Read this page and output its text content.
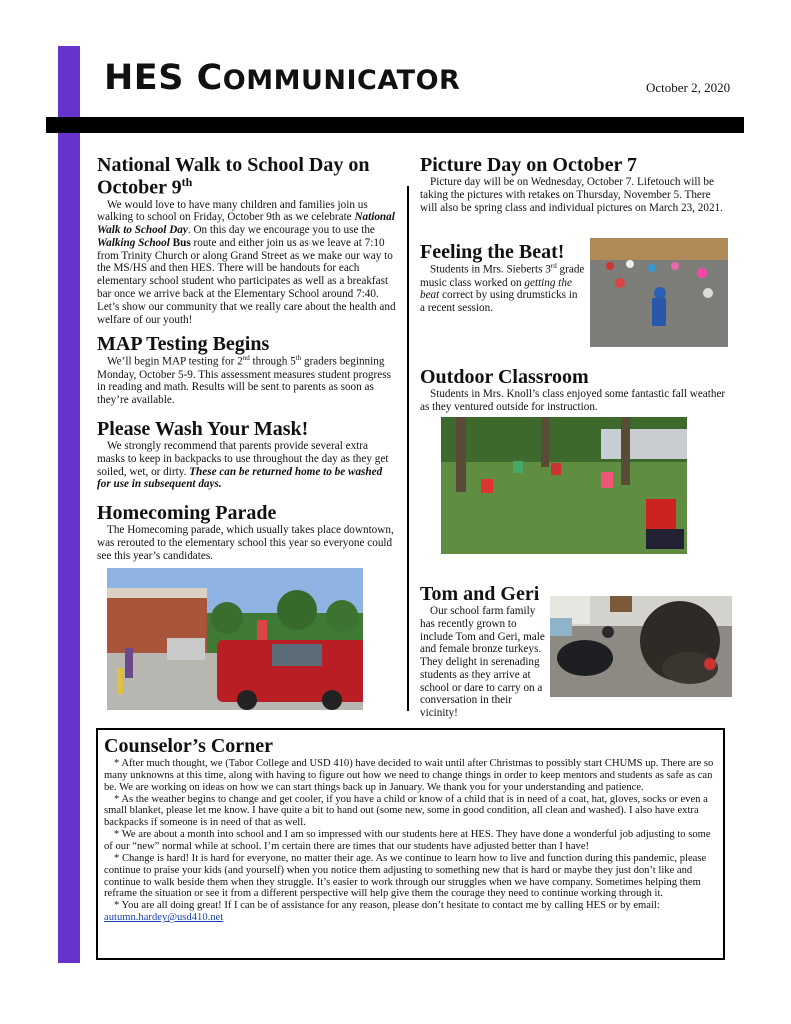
HES COMMUNICATOR	October 2, 2020
National Walk to School Day on October 9th
We would love to have many children and families join us walking to school on Friday, October 9th as we celebrate National Walk to School Day. On this day we encourage you to use the Walking School Bus route and either join us as we leave at 7:10 from Trinity Church or along Grand Street as we make our way to the MS/HS and then HES. There will be handouts for each elementary school student who participates as well as a breakfast bar once we arrive back at the Elementary School around 7:40. Let’s show our community that we really care about the health and welfare of our youth!
MAP Testing Begins
We’ll begin MAP testing for 2nd through 5th graders beginning Monday, October 5-9. This assessment measures student progress in reading and math. Results will be sent to parents as soon as they’re available.
Please Wash Your Mask!
We strongly recommend that parents provide several extra masks to keep in backpacks to use throughout the day as they get soiled, wet, or dirty. These can be returned home to be washed for use in subsequent days.
Homecoming Parade
The Homecoming parade, which usually takes place downtown, was rerouted to the elementary school this year so everyone could see this year’s candidates.
Picture Day on October 7
Picture day will be on Wednesday, October 7. Lifetouch will be taking the pictures with retakes on Thursday, November 5. There will also be spring class and individual pictures on March 23, 2021.
Feeling the Beat!
Students in Mrs. Sieberts 3rd grade music class worked on getting the beat correct by using drumsticks in a recent session.
Outdoor Classroom
Students in Mrs. Knoll’s class enjoyed some fantastic fall weather as they ventured outside for instruction.
Tom and Geri
Our school farm family has recently grown to include Tom and Geri, male and female bronze turkeys. They delight in serenading students as they arrive at school or dare to carry on a conversation in their vicinity!
Counselor’s Corner

* After much thought, we (Tabor College and USD 410) have decided to wait until after Christmas to possibly start CHUMS up. There are so many unknowns at this time, along with having to figure out how we need to change things in order to keep mentors and students as safe as can be. We are working on ideas on how we can start things back up in January. We thank you for your understanding and patience.

* As the weather begins to change and get cooler, if you have a child or know of a child that is in need of a coat, hat, gloves, socks or even a small blanket, please let me know. I have quite a bit to hand out (some new, some in good condition, all clean and washed). I also have extra backpacks if someone is in need of that as well.

* We are about a month into school and I am so impressed with our students here at HES. They have done a wonderful job adjusting to some of our “new” normal while at school. I’m certain there are times that our students have adjusted better than I have!

* Change is hard! It is hard for everyone, no matter their age. As we continue to learn how to live and function during this pandemic, please continue to praise your kids (and yourself) when you notice them adjusting to something new that is hard or maybe they just don’t like and continue to walk beside them when they struggle. It’s easier to work through our struggles when we have company. Sometimes helping them reframe the situation or see it from a different perspective will help give them the courage they need to continue working through it.

* You are all doing great! If I can be of assistance for any reason, please don’t hesitate to contact me by calling HES or by email: autumn.hardey@usd410.net
